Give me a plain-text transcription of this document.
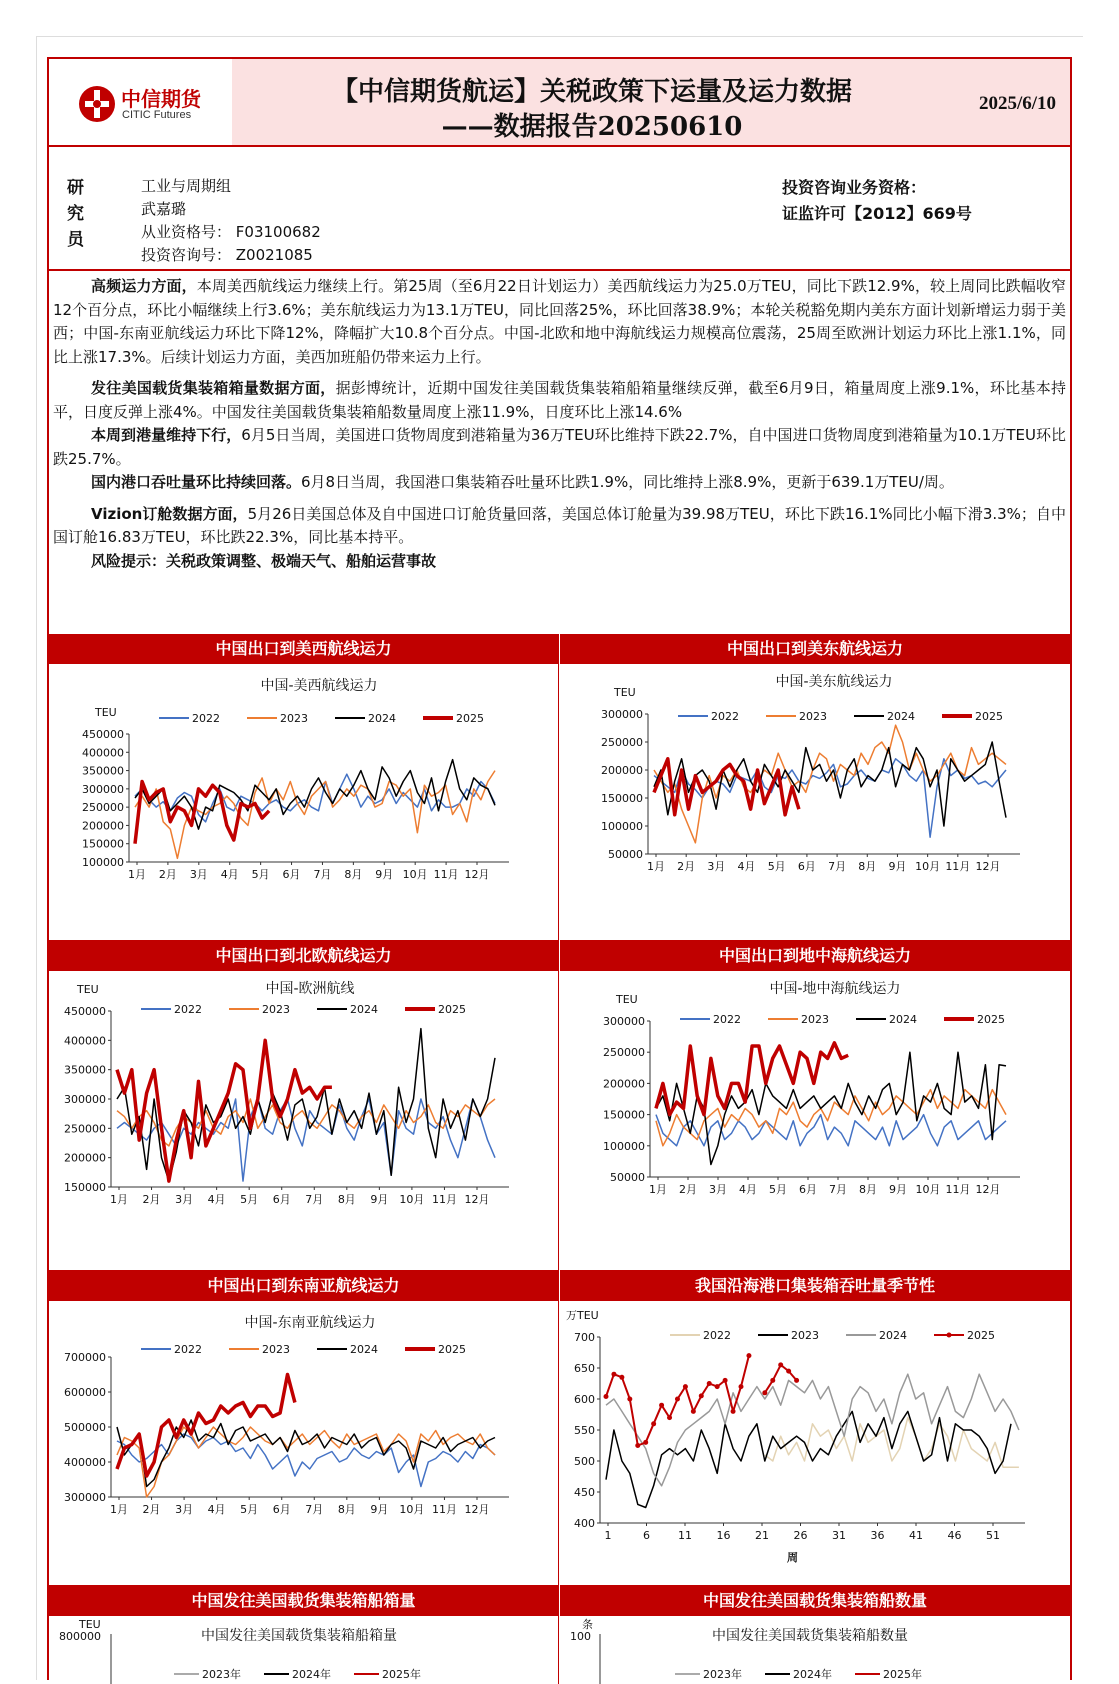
中信期货
CITIC Futures
【中信期货航运】关税政策下运量及运力数据
——数据报告20250610
2025/6/10
研究员
工业与周期组
武嘉璐
从业资格号： F03100682
投资咨询号： Z0021085
投资咨询业务资格：
证监许可【2012】669号

高频运力方面，本周美西航线运力继续上行。第25周（至6月22日计划运力）美西航线运力为25.0万TEU，同比下跌12.9%，较上周同比跌幅收窄12个百分点，环比小幅继续上行3.6%；美东航线运力为13.1万TEU，同比回落25%，环比回落38.9%；本轮关税豁免期内美东方面计划新增运力弱于美西；中国-东南亚航线运力环比下降12%，降幅扩大10.8个百分点。中国-北欧和地中海航线运力规模高位震荡，25周至欧洲计划运力环比上涨1.1%，同比上涨17.3%。后续计划运力方面，美西加班船仍带来运力上行。

发往美国载货集装箱箱量数据方面，据彭博统计，近期中国发往美国载货集装箱船箱量继续反弹，截至6月9日，箱量周度上涨9.1%，环比基本持平，日度反弹上涨4%。中国发往美国载货集装箱船数量周度上涨11.9%，日度环比上涨14.6%

本周到港量维持下行，6月5日当周，美国进口货物周度到港箱量为36万TEU环比维持下跌22.7%，自中国进口货物周度到港箱量为10.1万TEU环比跌25.7%。

国内港口吞吐量环比持续回落。6月8日当周，我国港口集装箱吞吐量环比跌1.9%，同比维持上涨8.9%，更新于639.1万TEU/周。

Vizion订舱数据方面，5月26日美国总体及自中国进口订舱货量回落，美国总体订舱量为39.98万TEU，环比下跌16.1%同比小幅下滑3.3%；自中国订舱16.83万TEU，环比跌22.3%，同比基本持平。

风险提示：关税政策调整、极端天气、船舶运营事故

中国出口到美西航线运力
中国-美西航线运力
TEU
100000
150000
200000
250000
300000
350000
400000
450000
1月 2月 3月 4月 5月 6月 7月 8月 9月 10月 11月 12月
2022	2023	2024	2025
中国出口到美东航线运力
中国-美东航线运力
TEU
50000
100000
150000
200000
250000
300000
1月 2月 3月 4月 5月 6月 7月 8月 9月 10月 11月 12月
2022	2023	2024	2025
中国出口到北欧航线运力
中国-欧洲航线
TEU
150000
200000
250000
300000
350000
400000
450000
1月 2月 3月 4月 5月 6月 7月 8月 9月 10月 11月 12月
2022	2023	2024	2025
中国出口到地中海航线运力
中国-地中海航线运力
TEU
50000
100000
150000
200000
250000
300000
1月 2月 3月 4月 5月 6月 7月 8月 9月 10月 11月 12月
2022	2023	2024	2025
中国出口到东南亚航线运力
中国-东南亚航线运力
300000
400000
500000
600000
700000
1月 2月 3月 4月 5月 6月 7月 8月 9月 10月 11月 12月
2022	2023	2024	2025
我国沿海港口集装箱吞吐量季节性
万TEU
400
450
500
550
600
650
700
1	6	11 16 21 26 31 36 41 46 51
周
2022	2023	2024	2025
中国发往美国载货集装箱船箱量
中国发往美国载货集装箱船箱量
TEU
800000
2023年	2024年	2025年
中国发往美国载货集装箱船数量
中国发往美国载货集装箱船数量
条
100
2023年	2024年	2025年
